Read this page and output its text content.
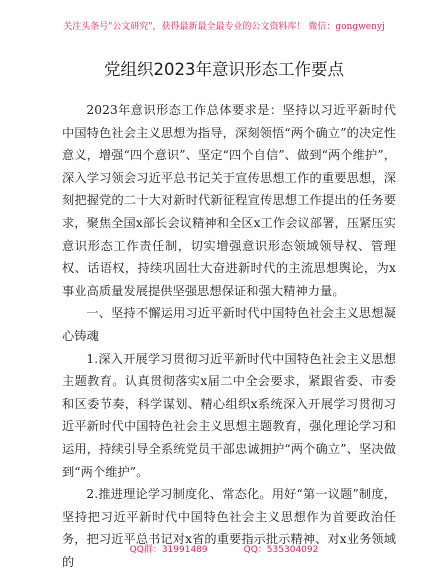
关注头条号"公文研究"，获得最新最全最专业的公文资料库！ 微信：gongwenyj
党组织2023年意识形态工作要点

2023年意识形态工作总体要求是：坚持以习近平新时代中国特色社会主义思想为指导，深刻领悟“两个确立”的决定性意义，增强“四个意识”、坚定“四个自信”、做到“两个维护”，深入学习领会习近平总书记关于宣传思想工作的重要思想，深刻把握党的二十大对新时代新征程宣传思想工作提出的任务要求，聚焦全国x部长会议精神和全区x工作会议部署，压紧压实意识形态工作责任制，切实增强意识形态领域领导权、管理权、话语权，持续巩固壮大奋进新时代的主流思想舆论，为x事业高质量发展提供坚强思想保证和强大精神力量。

一、坚持不懈运用习近平新时代中国特色社会主义思想凝心铸魂

1.深入开展学习贯彻习近平新时代中国特色社会主义思想主题教育。认真贯彻落实x届二中全会要求，紧跟省委、市委和区委节奏，科学谋划、精心组织x系统深入开展学习贯彻习近平新时代中国特色社会主义思想主题教育，强化理论学习和运用，持续引导全系统党员干部忠诚拥护“两个确立”、坚决做到“两个维护”。

2.推进理论学习制度化、常态化。用好“第一议题”制度，坚持把习近平新时代中国特色社会主义思想作为首要政治任务，把习近平总书记对x省的重要指示批示精神、对x业务领域的

QQ群：31991489	QQ：535304092
